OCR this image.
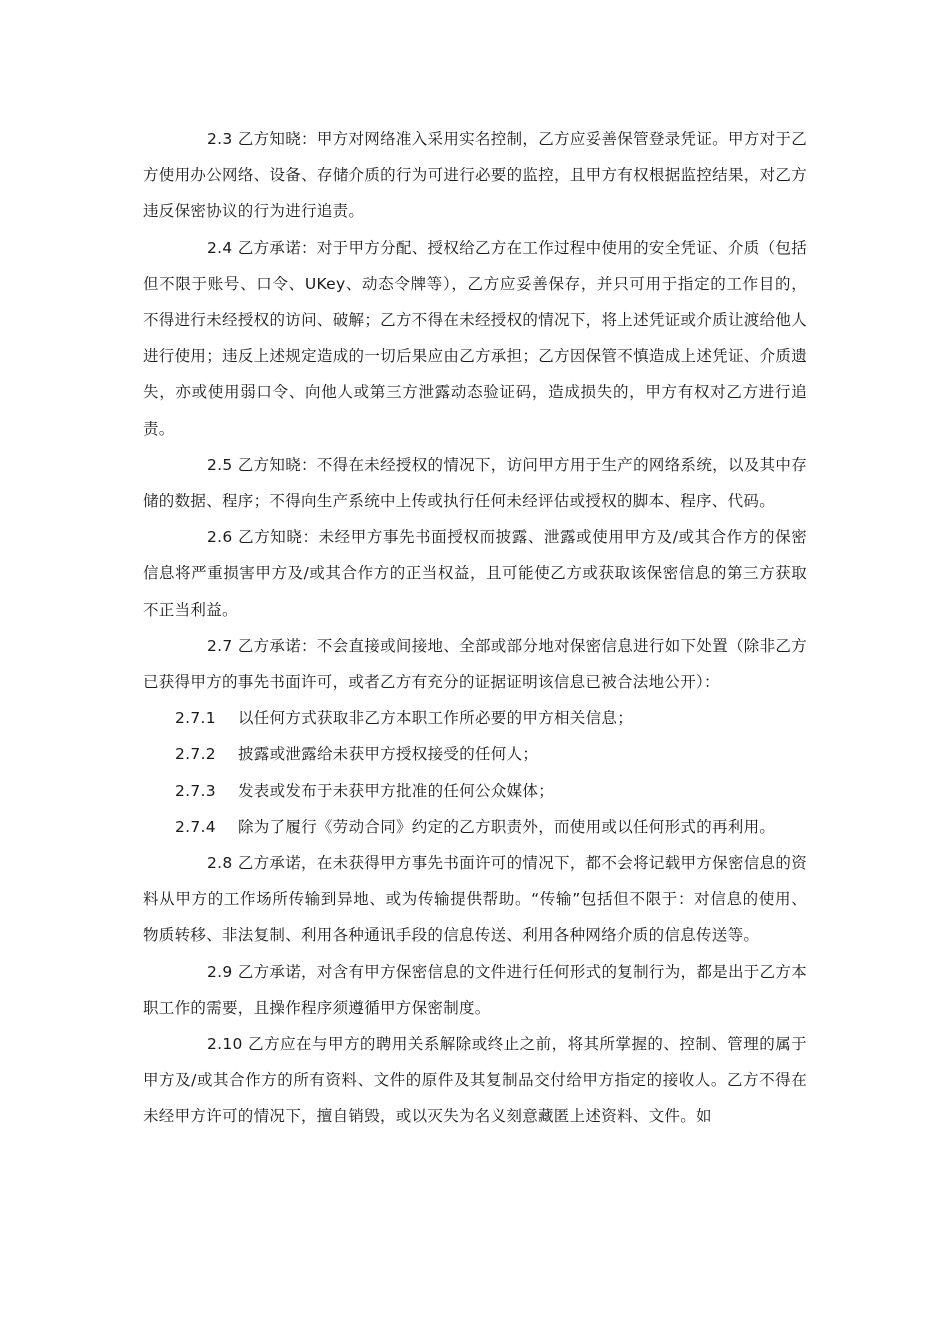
2.3 乙方知晓：甲方对网络准入采用实名控制，乙方应妥善保管登录凭证。甲方对于乙方使用办公网络、设备、存储介质的行为可进行必要的监控，且甲方有权根据监控结果，对乙方违反保密协议的行为进行追责。

2.4 乙方承诺：对于甲方分配、授权给乙方在工作过程中使用的安全凭证、介质（包括但不限于账号、口令、UKey、动态令牌等），乙方应妥善保存，并只可用于指定的工作目的，不得进行未经授权的访问、破解；乙方不得在未经授权的情况下，将上述凭证或介质让渡给他人进行使用；违反上述规定造成的一切后果应由乙方承担；乙方因保管不慎造成上述凭证、介质遗失，亦或使用弱口令、向他人或第三方泄露动态验证码，造成损失的，甲方有权对乙方进行追责。

2.5 乙方知晓：不得在未经授权的情况下，访问甲方用于生产的网络系统，以及其中存储的数据、程序；不得向生产系统中上传或执行任何未经评估或授权的脚本、程序、代码。

2.6 乙方知晓：未经甲方事先书面授权而披露、泄露或使用甲方及/或其合作方的保密信息将严重损害甲方及/或其合作方的正当权益，且可能使乙方或获取该保密信息的第三方获取不正当利益。

2.7 乙方承诺：不会直接或间接地、全部或部分地对保密信息进行如下处置（除非乙方已获得甲方的事先书面许可，或者乙方有充分的证据证明该信息已被合法地公开）：

2.7.1 以任何方式获取非乙方本职工作所必要的甲方相关信息；

2.7.2 披露或泄露给未获甲方授权接受的任何人；

2.7.3 发表或发布于未获甲方批准的任何公众媒体；

2.7.4 除为了履行《劳动合同》约定的乙方职责外，而使用或以任何形式的再利用。

2.8 乙方承诺，在未获得甲方事先书面许可的情况下，都不会将记载甲方保密信息的资料从甲方的工作场所传输到异地、或为传输提供帮助。“传输”包括但不限于：对信息的使用、物质转移、非法复制、利用各种通讯手段的信息传送、利用各种网络介质的信息传送等。

2.9 乙方承诺，对含有甲方保密信息的文件进行任何形式的复制行为，都是出于乙方本职工作的需要，且操作程序须遵循甲方保密制度。

2.10 乙方应在与甲方的聘用关系解除或终止之前，将其所掌握的、控制、管理的属于甲方及/或其合作方的所有资料、文件的原件及其复制品交付给甲方指定的接收人。乙方不得在未经甲方许可的情况下，擅自销毁，或以灭失为名义刻意藏匿上述资料、文件。如
